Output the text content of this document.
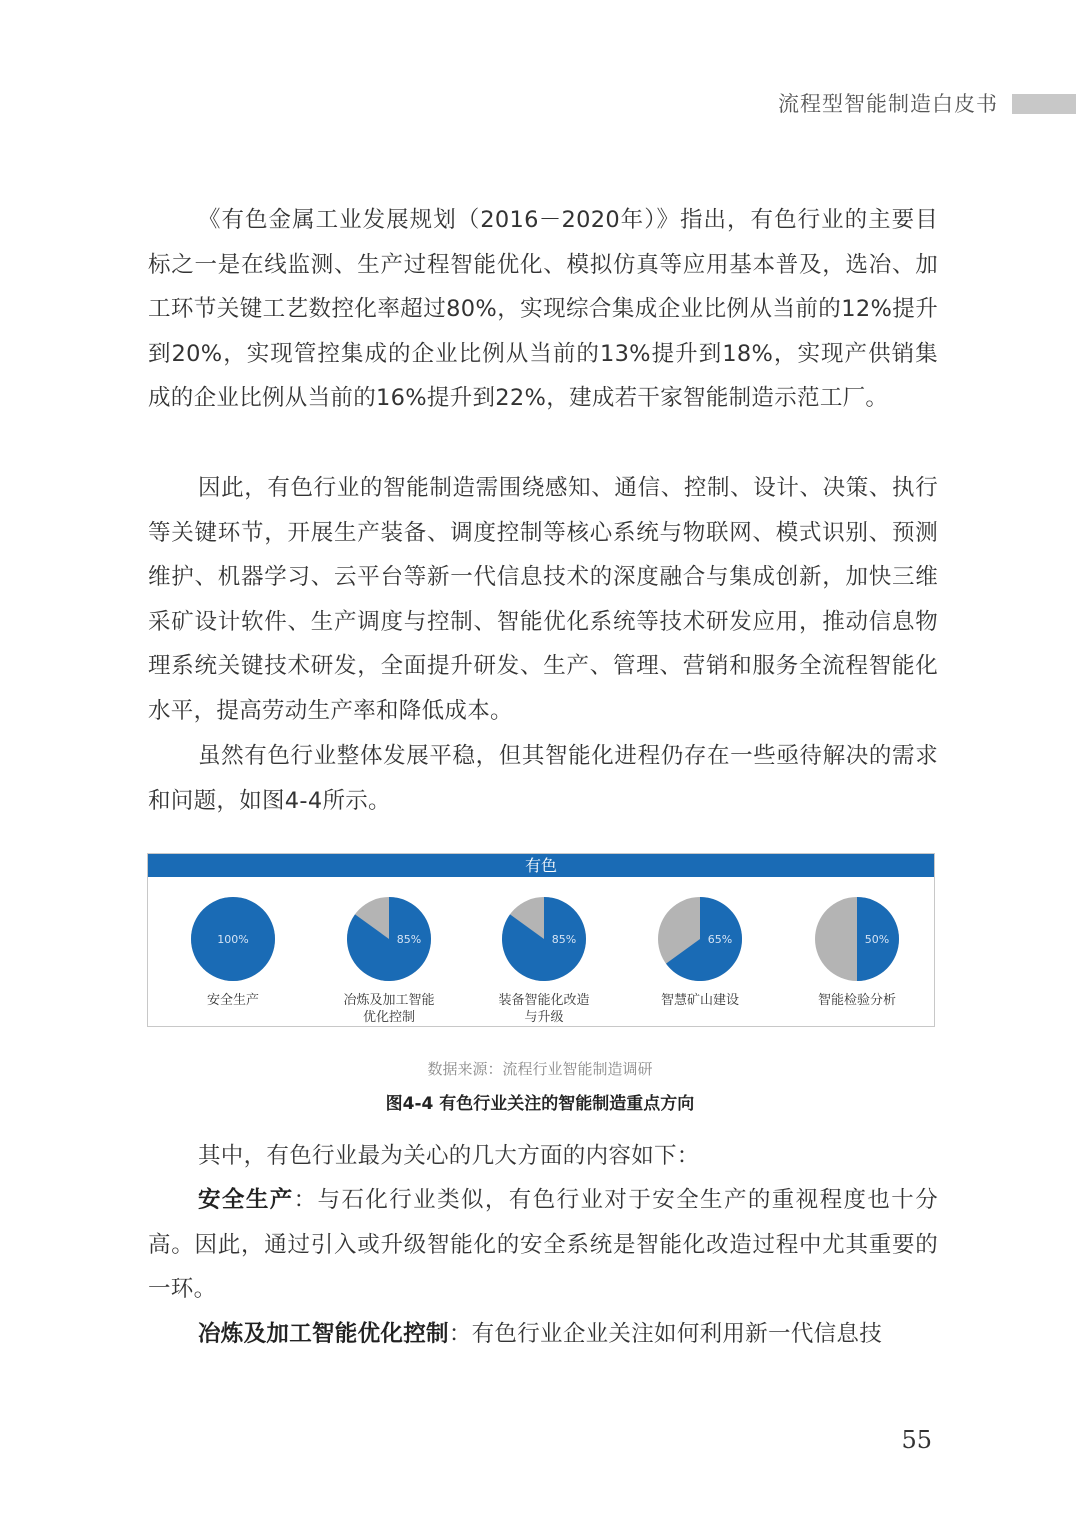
流程型智能制造白皮书

《有色金属工业发展规划（2016－2020年）》指出，有色行业的主要目标之一是在线监测、生产过程智能优化、模拟仿真等应用基本普及，选冶、加工环节关键工艺数控化率超过80%，实现综合集成企业比例从当前的12%提升到20%，实现管控集成的企业比例从当前的13%提升到18%，实现产供销集成的企业比例从当前的16%提升到22%，建成若干家智能制造示范工厂。

因此，有色行业的智能制造需围绕感知、通信、控制、设计、决策、执行等关键环节，开展生产装备、调度控制等核心系统与物联网、模式识别、预测维护、机器学习、云平台等新一代信息技术的深度融合与集成创新，加快三维采矿设计软件、生产调度与控制、智能优化系统等技术研发应用，推动信息物理系统关键技术研发，全面提升研发、生产、管理、营销和服务全流程智能化水平，提高劳动生产率和降低成本。

虽然有色行业整体发展平稳，但其智能化进程仍存在一些亟待解决的需求和问题，如图4-4所示。

有色
100%
安全生产
85%
冶炼及加工智能
优化控制
85%
装备智能化改造
与升级
65%
智慧矿山建设
50%
智能检验分析
数据来源：流程行业智能制造调研
图4-4 有色行业关注的智能制造重点方向

其中，有色行业最为关心的几大方面的内容如下：

安全生产：与石化行业类似，有色行业对于安全生产的重视程度也十分高。因此，通过引入或升级智能化的安全系统是智能化改造过程中尤其重要的一环。

冶炼及加工智能优化控制：有色行业企业关注如何利用新一代信息技

55
